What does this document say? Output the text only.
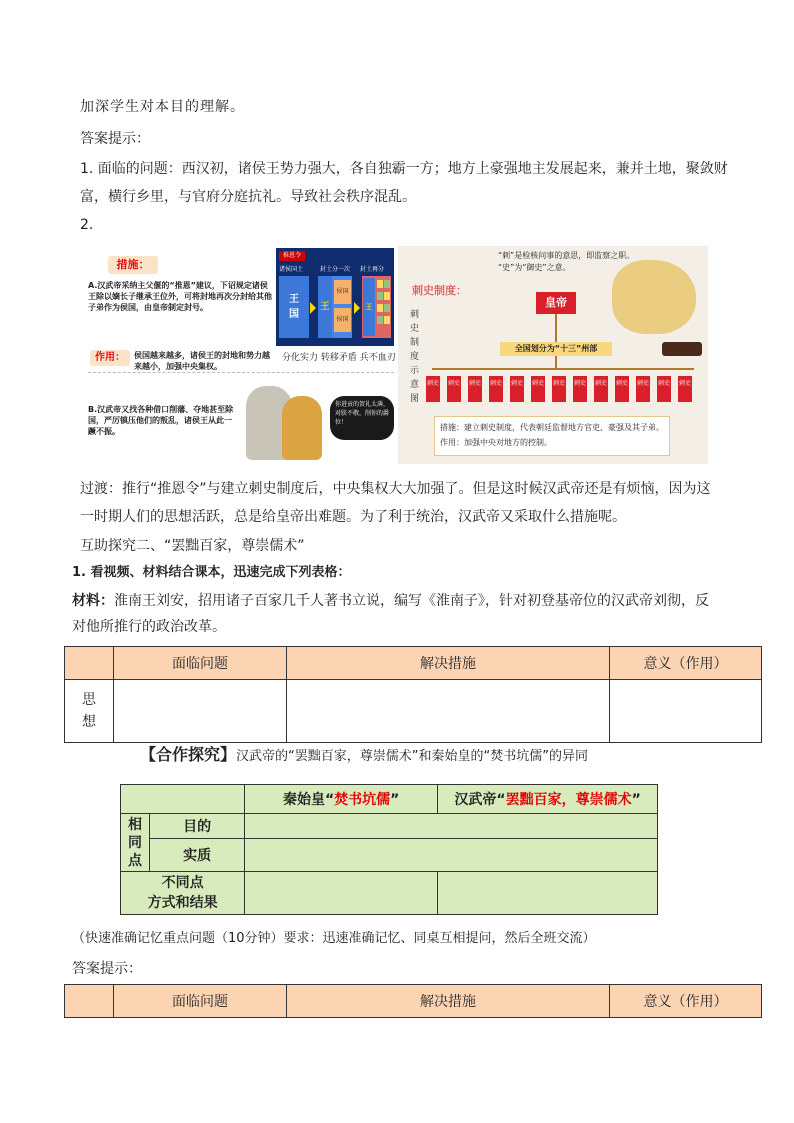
加深学生对本目的理解。
答案提示：
1. 面临的问题：西汉初，诸侯王势力强大，各自独霸一方；地方上豪强地主发展起来，兼并土地，聚敛财
富，横行乡里，与官府分庭抗礼。导致社会秩序混乱。
2.
措施：
A.汉武帝采纳主父偃的“推恩”建议，下诏规定诸侯王除以嫡长子继承王位外，可将封地再次分封给其他子弟作为侯国，由皇帝制定封号。
推恩令
诸侯国土	封土分一次 封土再分
王
国
王
侯国
侯国
王
作用：	侯国越来越多，诸侯王的封地和势力越来越小，加强中央集权。
分化实力 转移矛盾 兵不血刃
B.汉武帝又找各种借口削藩、夺地甚至除国，严厉镇压他们的叛乱，诸侯王从此一蹶不振。
你进贡的贺礼太薄，对朕不敬，削你的爵位！
“刺”是检核问事的意思，即监察之职。
“史”为“御史”之意。
刺史制度：
刺史制度示意图
皇帝
全国划分为“十三”州部
刺史 刺史 刺史 刺史 刺史 刺史 刺史 刺史 刺史 刺史 刺史 刺史 刺史
措施：建立刺史制度，代表朝廷监督地方官吏、豪强及其子弟。
作用：加强中央对地方的控制。
过渡：推行“推恩令”与建立刺史制度后，中央集权大大加强了。但是这时候汉武帝还是有烦恼，因为这
一时期人们的思想活跃，总是给皇帝出难题。为了利于统治，汉武帝又采取什么措施呢。
互助探究二、“罢黜百家，尊崇儒术”
1. 看视频、材料结合课本，迅速完成下列表格：
材料：淮南王刘安，招用诸子百家几千人著书立说，编写《淮南子》，针对初登基帝位的汉武帝刘彻，反
对他所推行的政治改革。
	面临问题	解决措施	意义（作用）

思
想			

【合作探究】汉武帝的“罢黜百家，尊崇儒术”和秦始皇的“焚书坑儒”的异同
		秦始皇“焚书坑儒”	汉武帝“罢黜百家，尊崇儒术”

相
同
点	目的		
	实质		

不同点
方式和结果			

（快速准确记忆重点问题（10分钟）要求：迅速准确记忆、同桌互相提问，然后全班交流）
答案提示：
	面临问题	解决措施	意义（作用）
